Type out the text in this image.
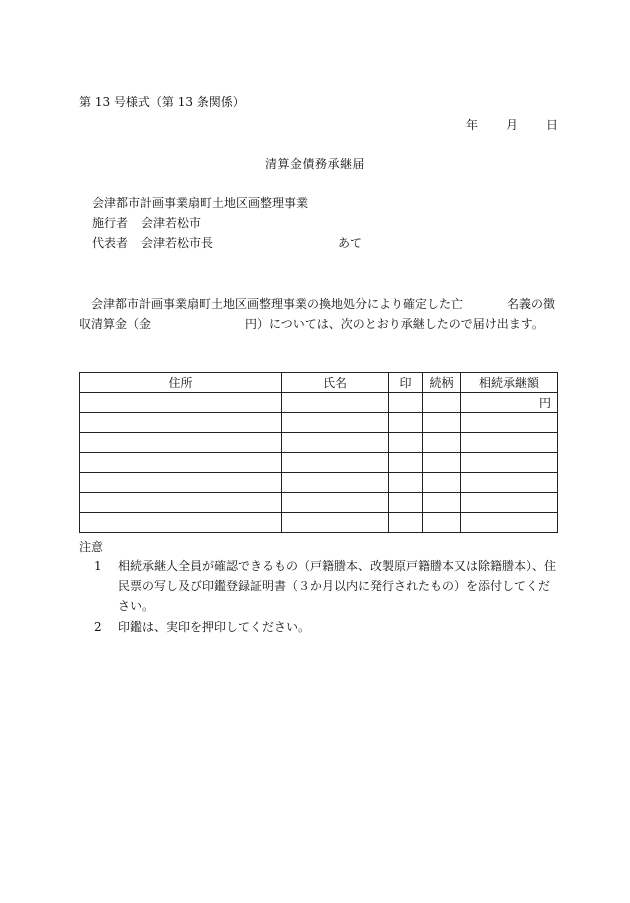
第 13 号様式（第 13 条関係）
年 月 日
清算金債務承継届
会津都市計画事業扇町土地区画整理事業
施行者 会津若松市
代表者 会津若松市長	あて
会津都市計画事業扇町土地区画整理事業の換地処分により確定した亡	名義の徴収清算金（金	円）については、次のとおり承継したので届け出ます。
住所	氏名	印	続柄	相続承継額
				円

注意
1	相続承継人全員が確認できるもの（戸籍謄本、改製原戸籍謄本又は除籍謄本）、住民票の写し及び印鑑登録証明書（３か月以内に発行されたもの）を添付してください。
2	印鑑は、実印を押印してください。
